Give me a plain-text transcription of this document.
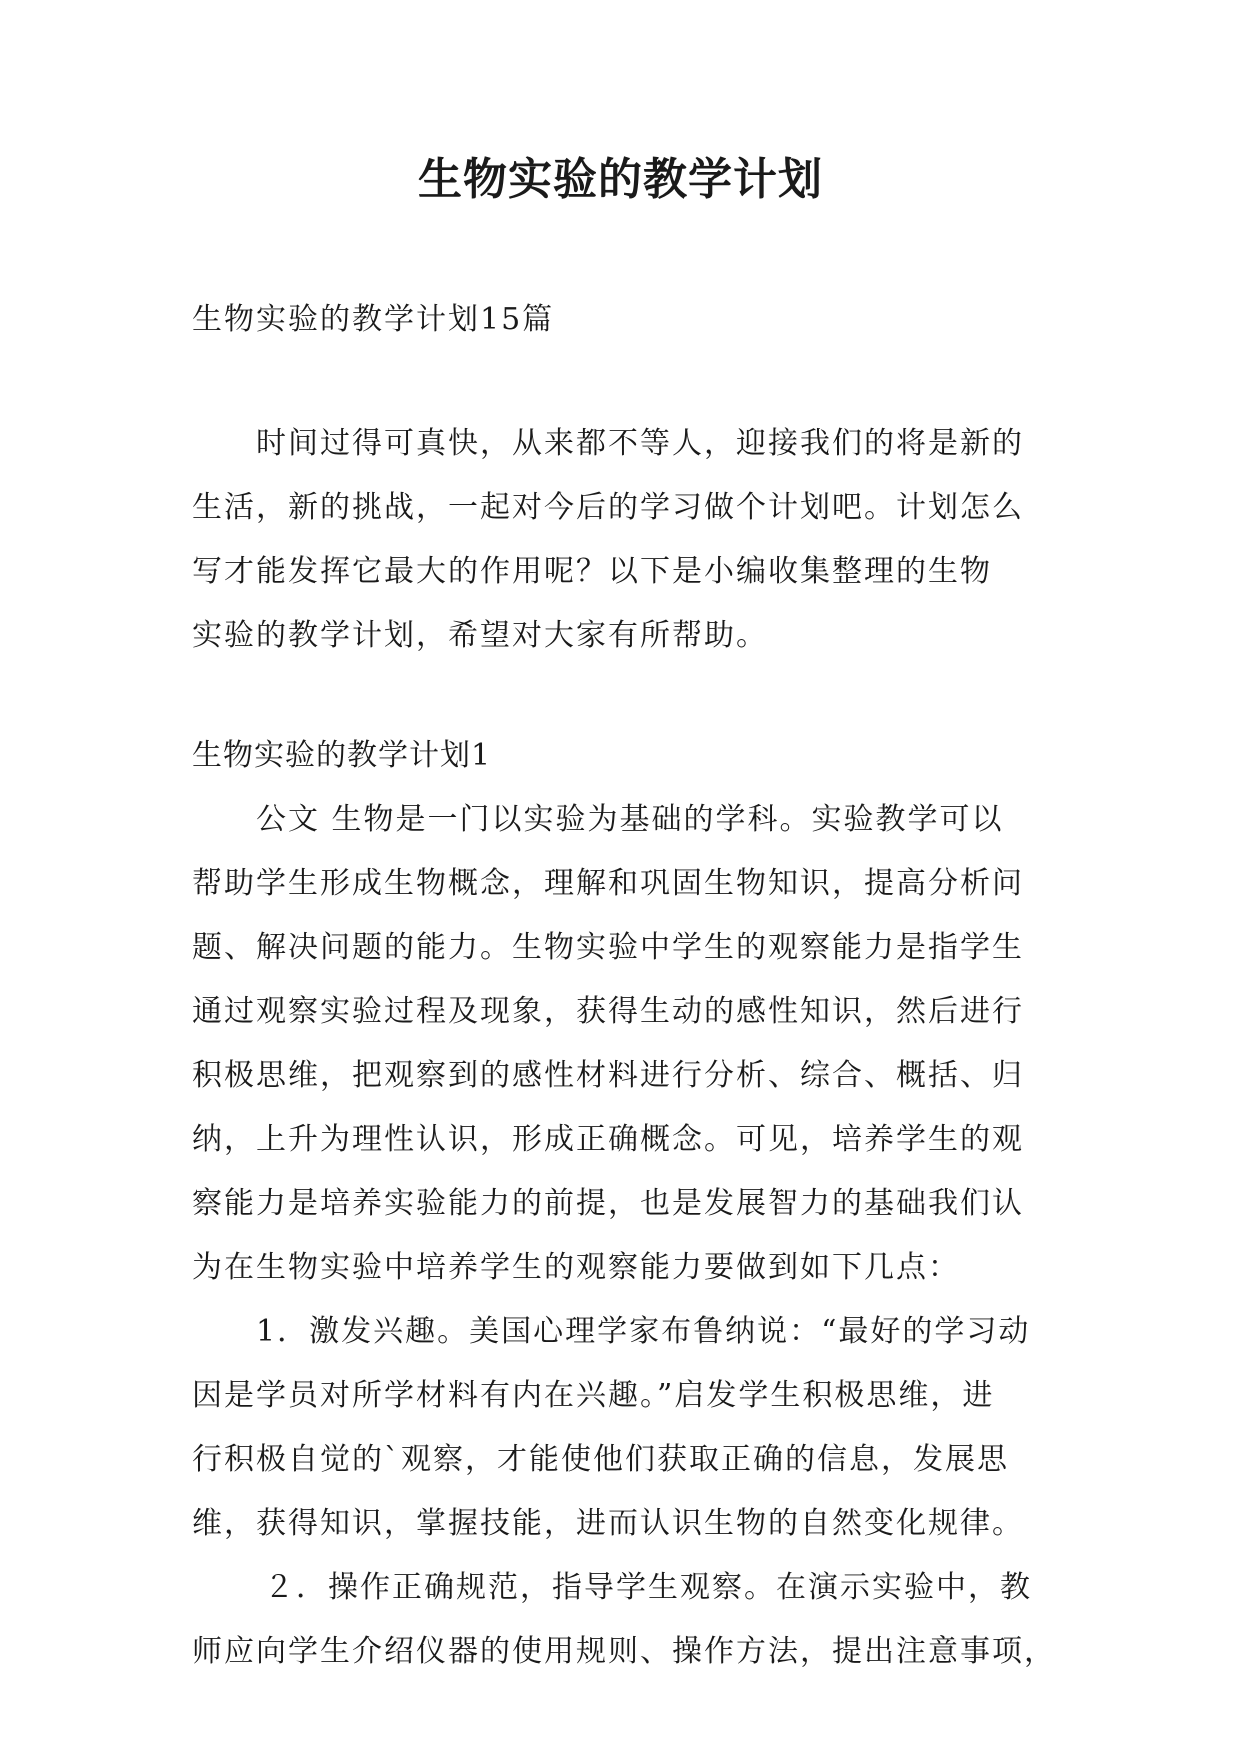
生物实验的教学计划

生物实验的教学计划15篇

时间过得可真快，从来都不等人，迎接我们的将是新的

生活，新的挑战，一起对今后的学习做个计划吧。计划怎么

写才能发挥它最大的作用呢？以下是小编收集整理的生物

实验的教学计划，希望对大家有所帮助。

生物实验的教学计划1

公文 生物是一门以实验为基础的学科。实验教学可以

帮助学生形成生物概念，理解和巩固生物知识，提高分析问

题、解决问题的能力。生物实验中学生的观察能力是指学生

通过观察实验过程及现象，获得生动的感性知识，然后进行

积极思维，把观察到的感性材料进行分析、综合、概括、归

纳，上升为理性认识，形成正确概念。可见，培养学生的观

察能力是培养实验能力的前提，也是发展智力的基础我们认

为在生物实验中培养学生的观察能力要做到如下几点：

1．激发兴趣。美国心理学家布鲁纳说：“最好的学习动

因是学员对所学材料有内在兴趣。”启发学生积极思维，进

行积极自觉的`观察，才能使他们获取正确的信息，发展思

维，获得知识，掌握技能，进而认识生物的自然变化规律。

２．操作正确规范，指导学生观察。在演示实验中，教

师应向学生介绍仪器的使用规则、操作方法，提出注意事项，
